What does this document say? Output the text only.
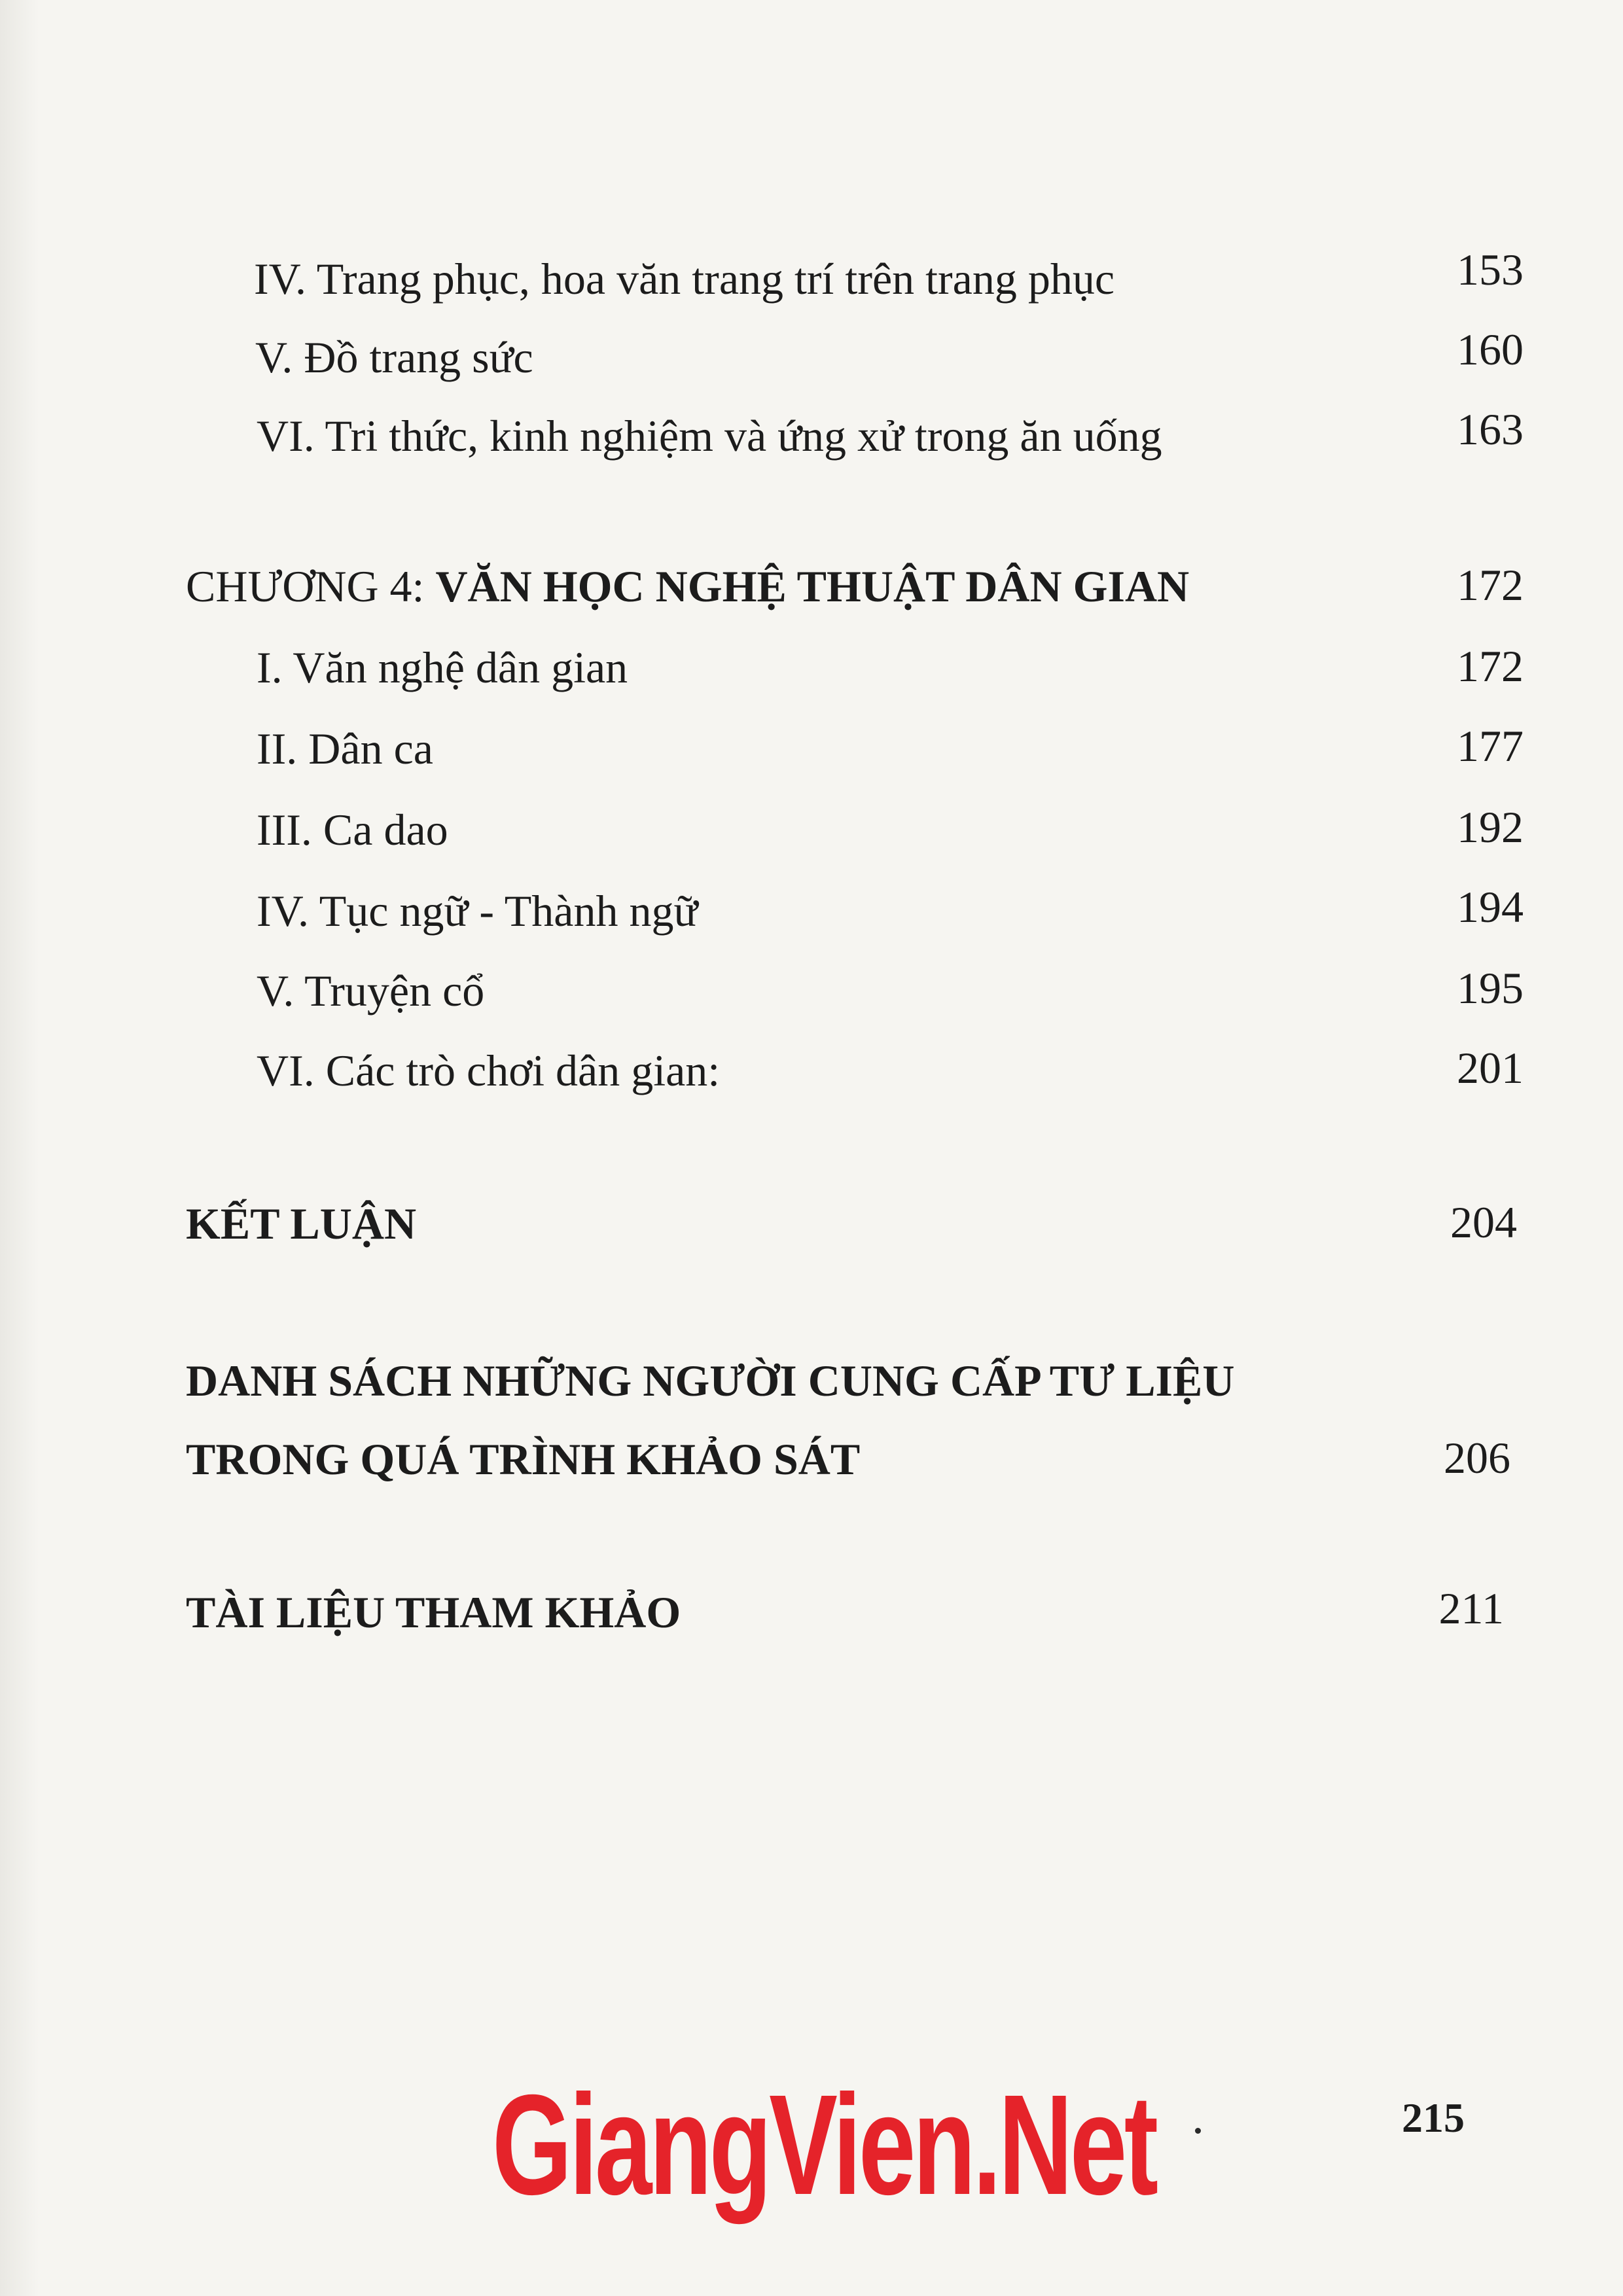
IV. Trang phục, hoa văn trang trí trên trang phục	153
V. Đồ trang sức	160
VI. Tri thức, kinh nghiệm và ứng xử trong ăn uống	163
CHƯƠNG 4: VĂN HỌC NGHỆ THUẬT DÂN GIAN	172
I. Văn nghệ dân gian	172
II. Dân ca	177
III. Ca dao	192
IV. Tục ngữ - Thành ngữ	194
V. Truyện cổ	195
VI. Các trò chơi dân gian:	201
KẾT LUẬN	204
DANH SÁCH NHỮNG NGƯỜI CUNG CẤP TƯ LIỆU
TRONG QUÁ TRÌNH KHẢO SÁT	206
TÀI LIỆU THAM KHẢO	211
GiangVien.Net	215
